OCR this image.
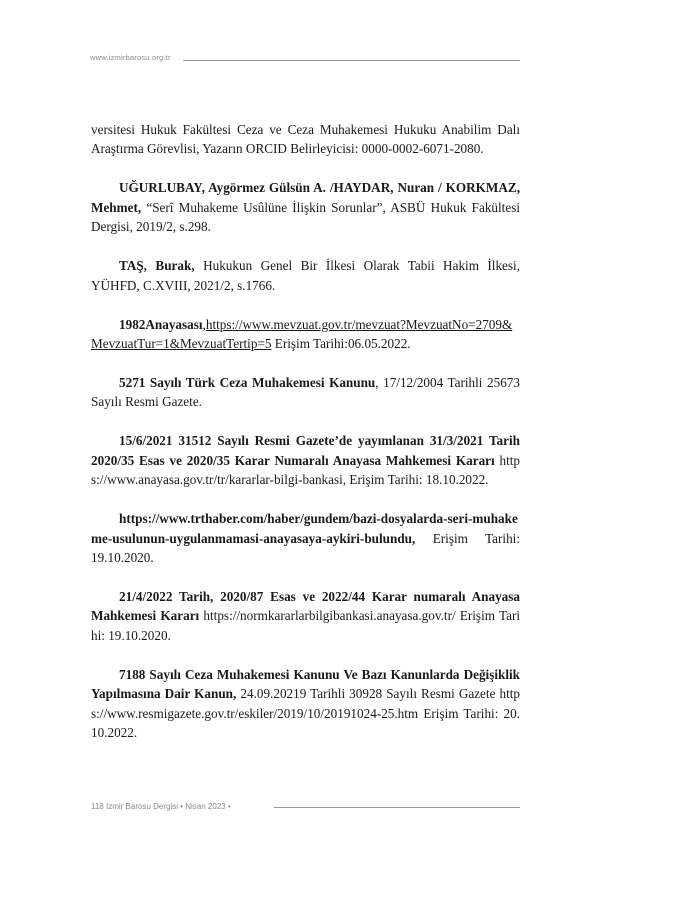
www.izmirbarosu.org.tr

versitesi Hukuk Fakültesi Ceza ve Ceza Muhakemesi Hukuku Anabilim Dalı Araştırma Görevlisi, Yazarın ORCID Belirleyicisi: 0000-0002-6071-2080.

UĞURLUBAY, Aygörmez Gülsün A. /HAYDAR, Nuran / KORKMAZ, Mehmet, “Serî Muhakeme Usûlüne İlişkin Sorunlar”, ASBÜ Hukuk Fakültesi Dergisi, 2019/2, s.298.

TAŞ, Burak, Hukukun Genel Bir İlkesi Olarak Tabii Hakim İlkesi, YÜHFD, C.XVIII, 2021/2, s.1766.

1982Anayasası,https://www.mevzuat.gov.tr/mevzuat?MevzuatNo=2709&MevzuatTur=1&MevzuatTertip=5 Erişim Tarihi:06.05.2022.

5271 Sayılı Türk Ceza Muhakemesi Kanunu, 17/12/2004 Tarihli 25673 Sayılı Resmi Gazete.

15/6/2021 31512 Sayılı Resmi Gazete’de yayımlanan 31/3/2021 Tarih 2020/35 Esas ve 2020/35 Karar Numaralı Anayasa Mahkemesi Kararı https://www.anayasa.gov.tr/tr/kararlar-bilgi-bankasi, Erişim Tarihi: 18.10.2022.

https://www.trthaber.com/haber/gundem/bazi-dosyalarda-seri-muhakeme-usulunun-uygulanmamasi-anayasaya-aykiri-bulundu, Erişim Tarihi: 19.10.2020.

21/4/2022 Tarih, 2020/87 Esas ve 2022/44 Karar numaralı Anayasa Mahkemesi Kararı https://normkararlarbilgibankasi.anayasa.gov.tr/ Erişim Tarihi: 19.10.2020.

7188 Sayılı Ceza Muhakemesi Kanunu Ve Bazı Kanunlarda Değişiklik Yapılmasına Dair Kanun, 24.09.20219 Tarihli 30928 Sayılı Resmi Gazete https://www.resmigazete.gov.tr/eskiler/2019/10/20191024-25.htm Erişim Tarihi: 20.10.2022.

118 İzmir Barosu Dergisi • Nisan 2023 •
